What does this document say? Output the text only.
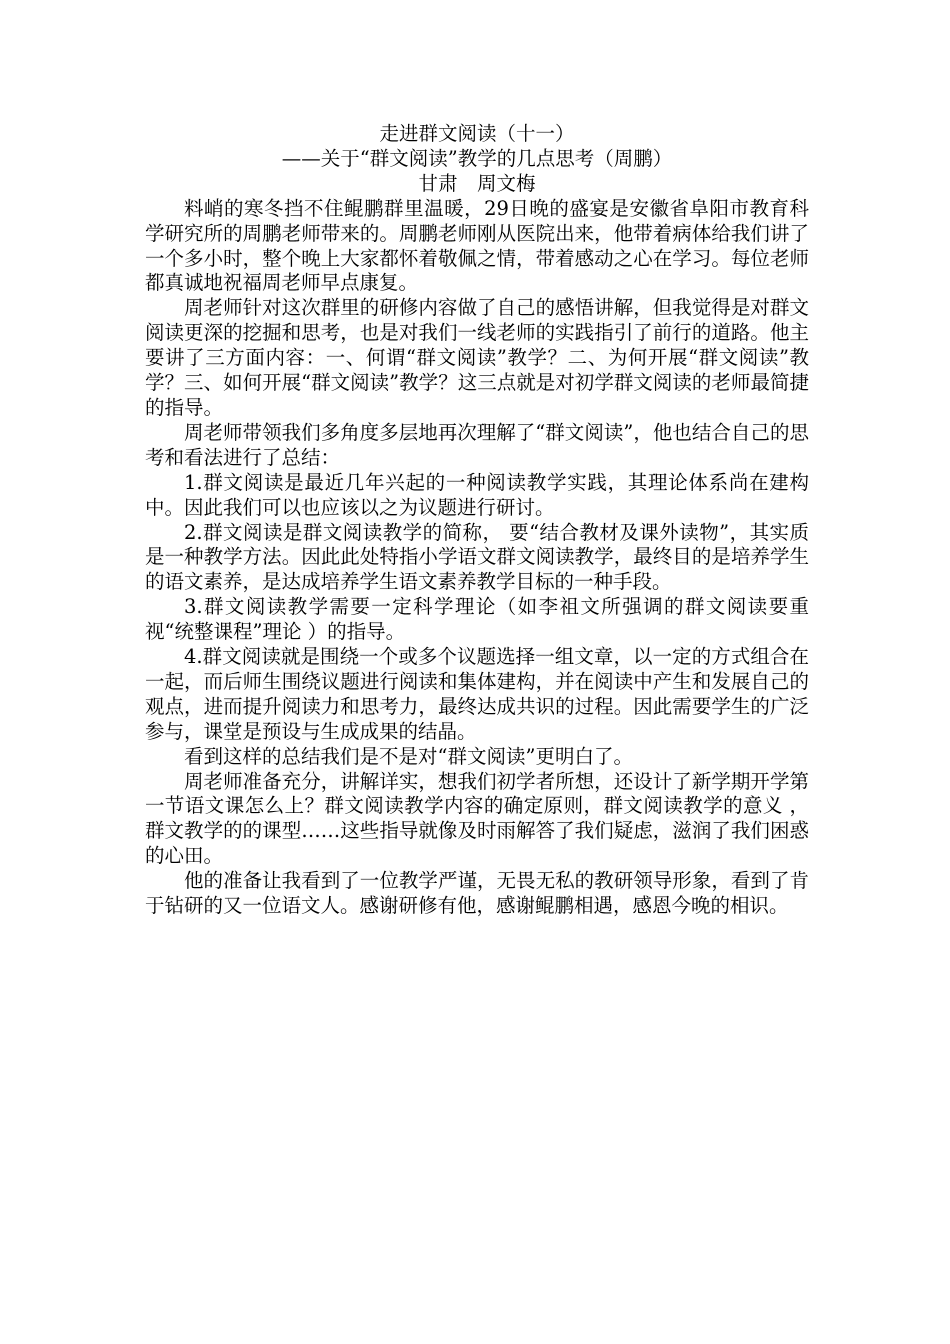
走进群文阅读（十一）

——关于“群文阅读”教学的几点思考（周鹏）

甘肃　周文梅

料峭的寒冬挡不住鲲鹏群里温暖，29日晚的盛宴是安徽省阜阳市教育科学研究所的周鹏老师带来的。周鹏老师刚从医院出来，他带着病体给我们讲了一个多小时，整个晚上大家都怀着敬佩之情，带着感动之心在学习。每位老师都真诚地祝福周老师早点康复。

周老师针对这次群里的研修内容做了自己的感悟讲解，但我觉得是对群文阅读更深的挖掘和思考，也是对我们一线老师的实践指引了前行的道路。他主要讲了三方面内容：一、何谓“群文阅读”教学？二、为何开展“群文阅读”教学？三、如何开展“群文阅读”教学？这三点就是对初学群文阅读的老师最简捷的指导。

周老师带领我们多角度多层地再次理解了“群文阅读”，他也结合自己的思考和看法进行了总结：

1.群文阅读是最近几年兴起的一种阅读教学实践，其理论体系尚在建构中。因此我们可以也应该以之为议题进行研讨。

2.群文阅读是群文阅读教学的简称， 要“结合教材及课外读物”，其实质是一种教学方法。因此此处特指小学语文群文阅读教学，最终目的是培养学生的语文素养，是达成培养学生语文素养教学目标的一种手段。

3.群文阅读教学需要一定科学理论（如李祖文所强调的群文阅读要重视“统整课程”理论 ）的指导。

4.群文阅读就是围绕一个或多个议题选择一组文章，以一定的方式组合在一起，而后师生围绕议题进行阅读和集体建构，并在阅读中产生和发展自己的观点，进而提升阅读力和思考力，最终达成共识的过程。因此需要学生的广泛参与，课堂是预设与生成成果的结晶。

看到这样的总结我们是不是对“群文阅读”更明白了。

周老师准备充分，讲解详实，想我们初学者所想，还设计了新学期开学第一节语文课怎么上？群文阅读教学内容的确定原则，群文阅读教学的意义 ，群文教学的的课型……这些指导就像及时雨解答了我们疑虑，滋润了我们困惑的心田。

他的准备让我看到了一位教学严谨，无畏无私的教研领导形象，看到了肯于钻研的又一位语文人。感谢研修有他，感谢鲲鹏相遇，感恩今晚的相识。
